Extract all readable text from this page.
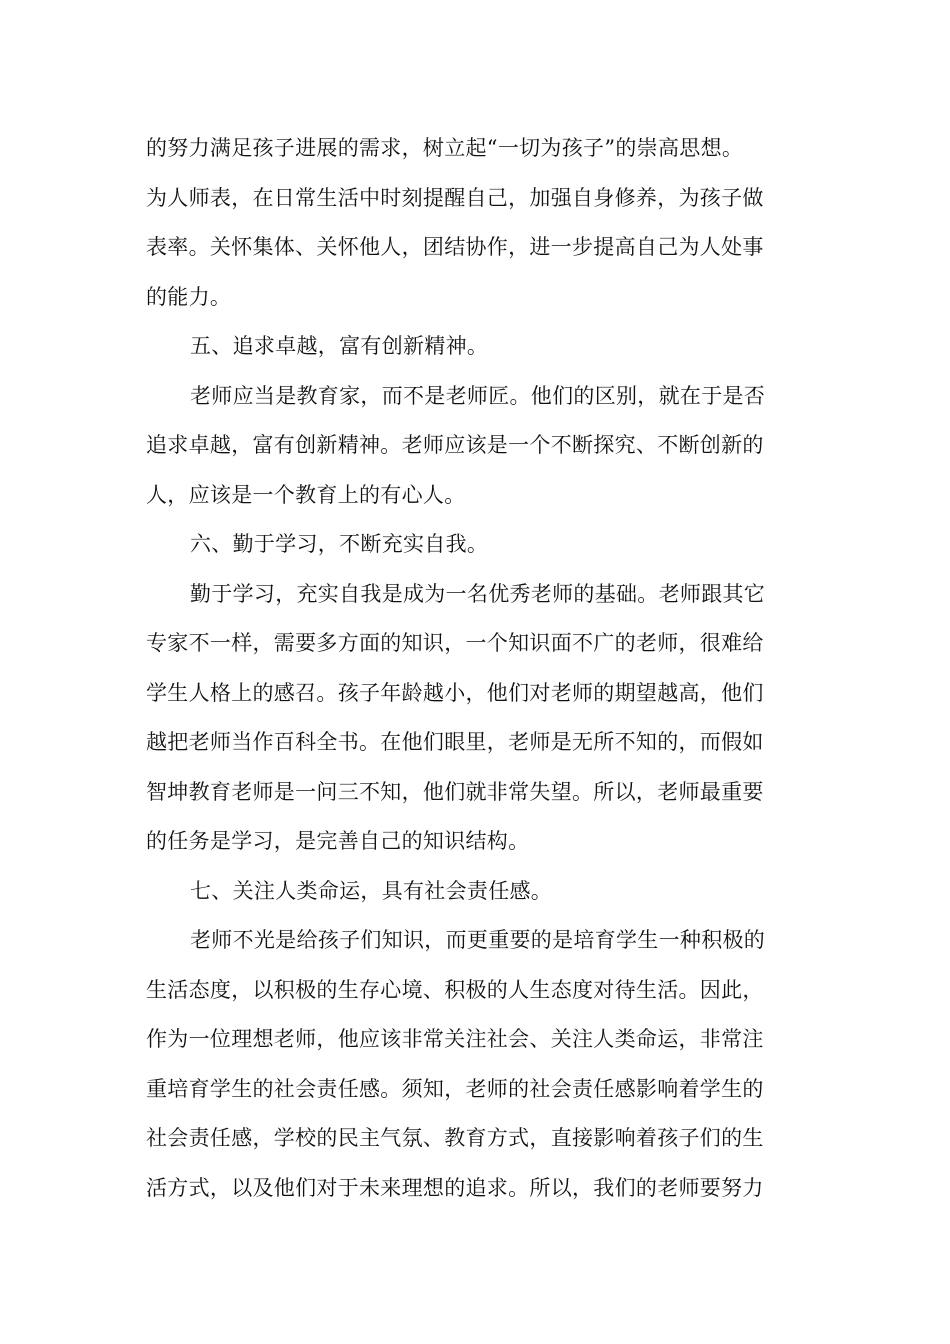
的努力满足孩子进展的需求，树立起“一切为孩子”的崇高思想。
为人师表，在日常生活中时刻提醒自己，加强自身修养，为孩子做
表率。关怀集体、关怀他人，团结协作，进一步提高自己为人处事
的能力。
五、追求卓越，富有创新精神。
老师应当是教育家，而不是老师匠。他们的区别，就在于是否
追求卓越，富有创新精神。老师应该是一个不断探究、不断创新的
人，应该是一个教育上的有心人。
六、勤于学习，不断充实自我。
勤于学习，充实自我是成为一名优秀老师的基础。老师跟其它
专家不一样，需要多方面的知识，一个知识面不广的老师，很难给
学生人格上的感召。孩子年龄越小，他们对老师的期望越高，他们
越把老师当作百科全书。在他们眼里，老师是无所不知的，而假如
智坤教育老师是一问三不知，他们就非常失望。所以，老师最重要
的任务是学习，是完善自己的知识结构。
七、关注人类命运，具有社会责任感。
老师不光是给孩子们知识，而更重要的是培育学生一种积极的
生活态度，以积极的生存心境、积极的人生态度对待生活。因此，
作为一位理想老师，他应该非常关注社会、关注人类命运，非常注
重培育学生的社会责任感。须知，老师的社会责任感影响着学生的
社会责任感，学校的民主气氛、教育方式，直接影响着孩子们的生
活方式，以及他们对于未来理想的追求。所以，我们的老师要努力
